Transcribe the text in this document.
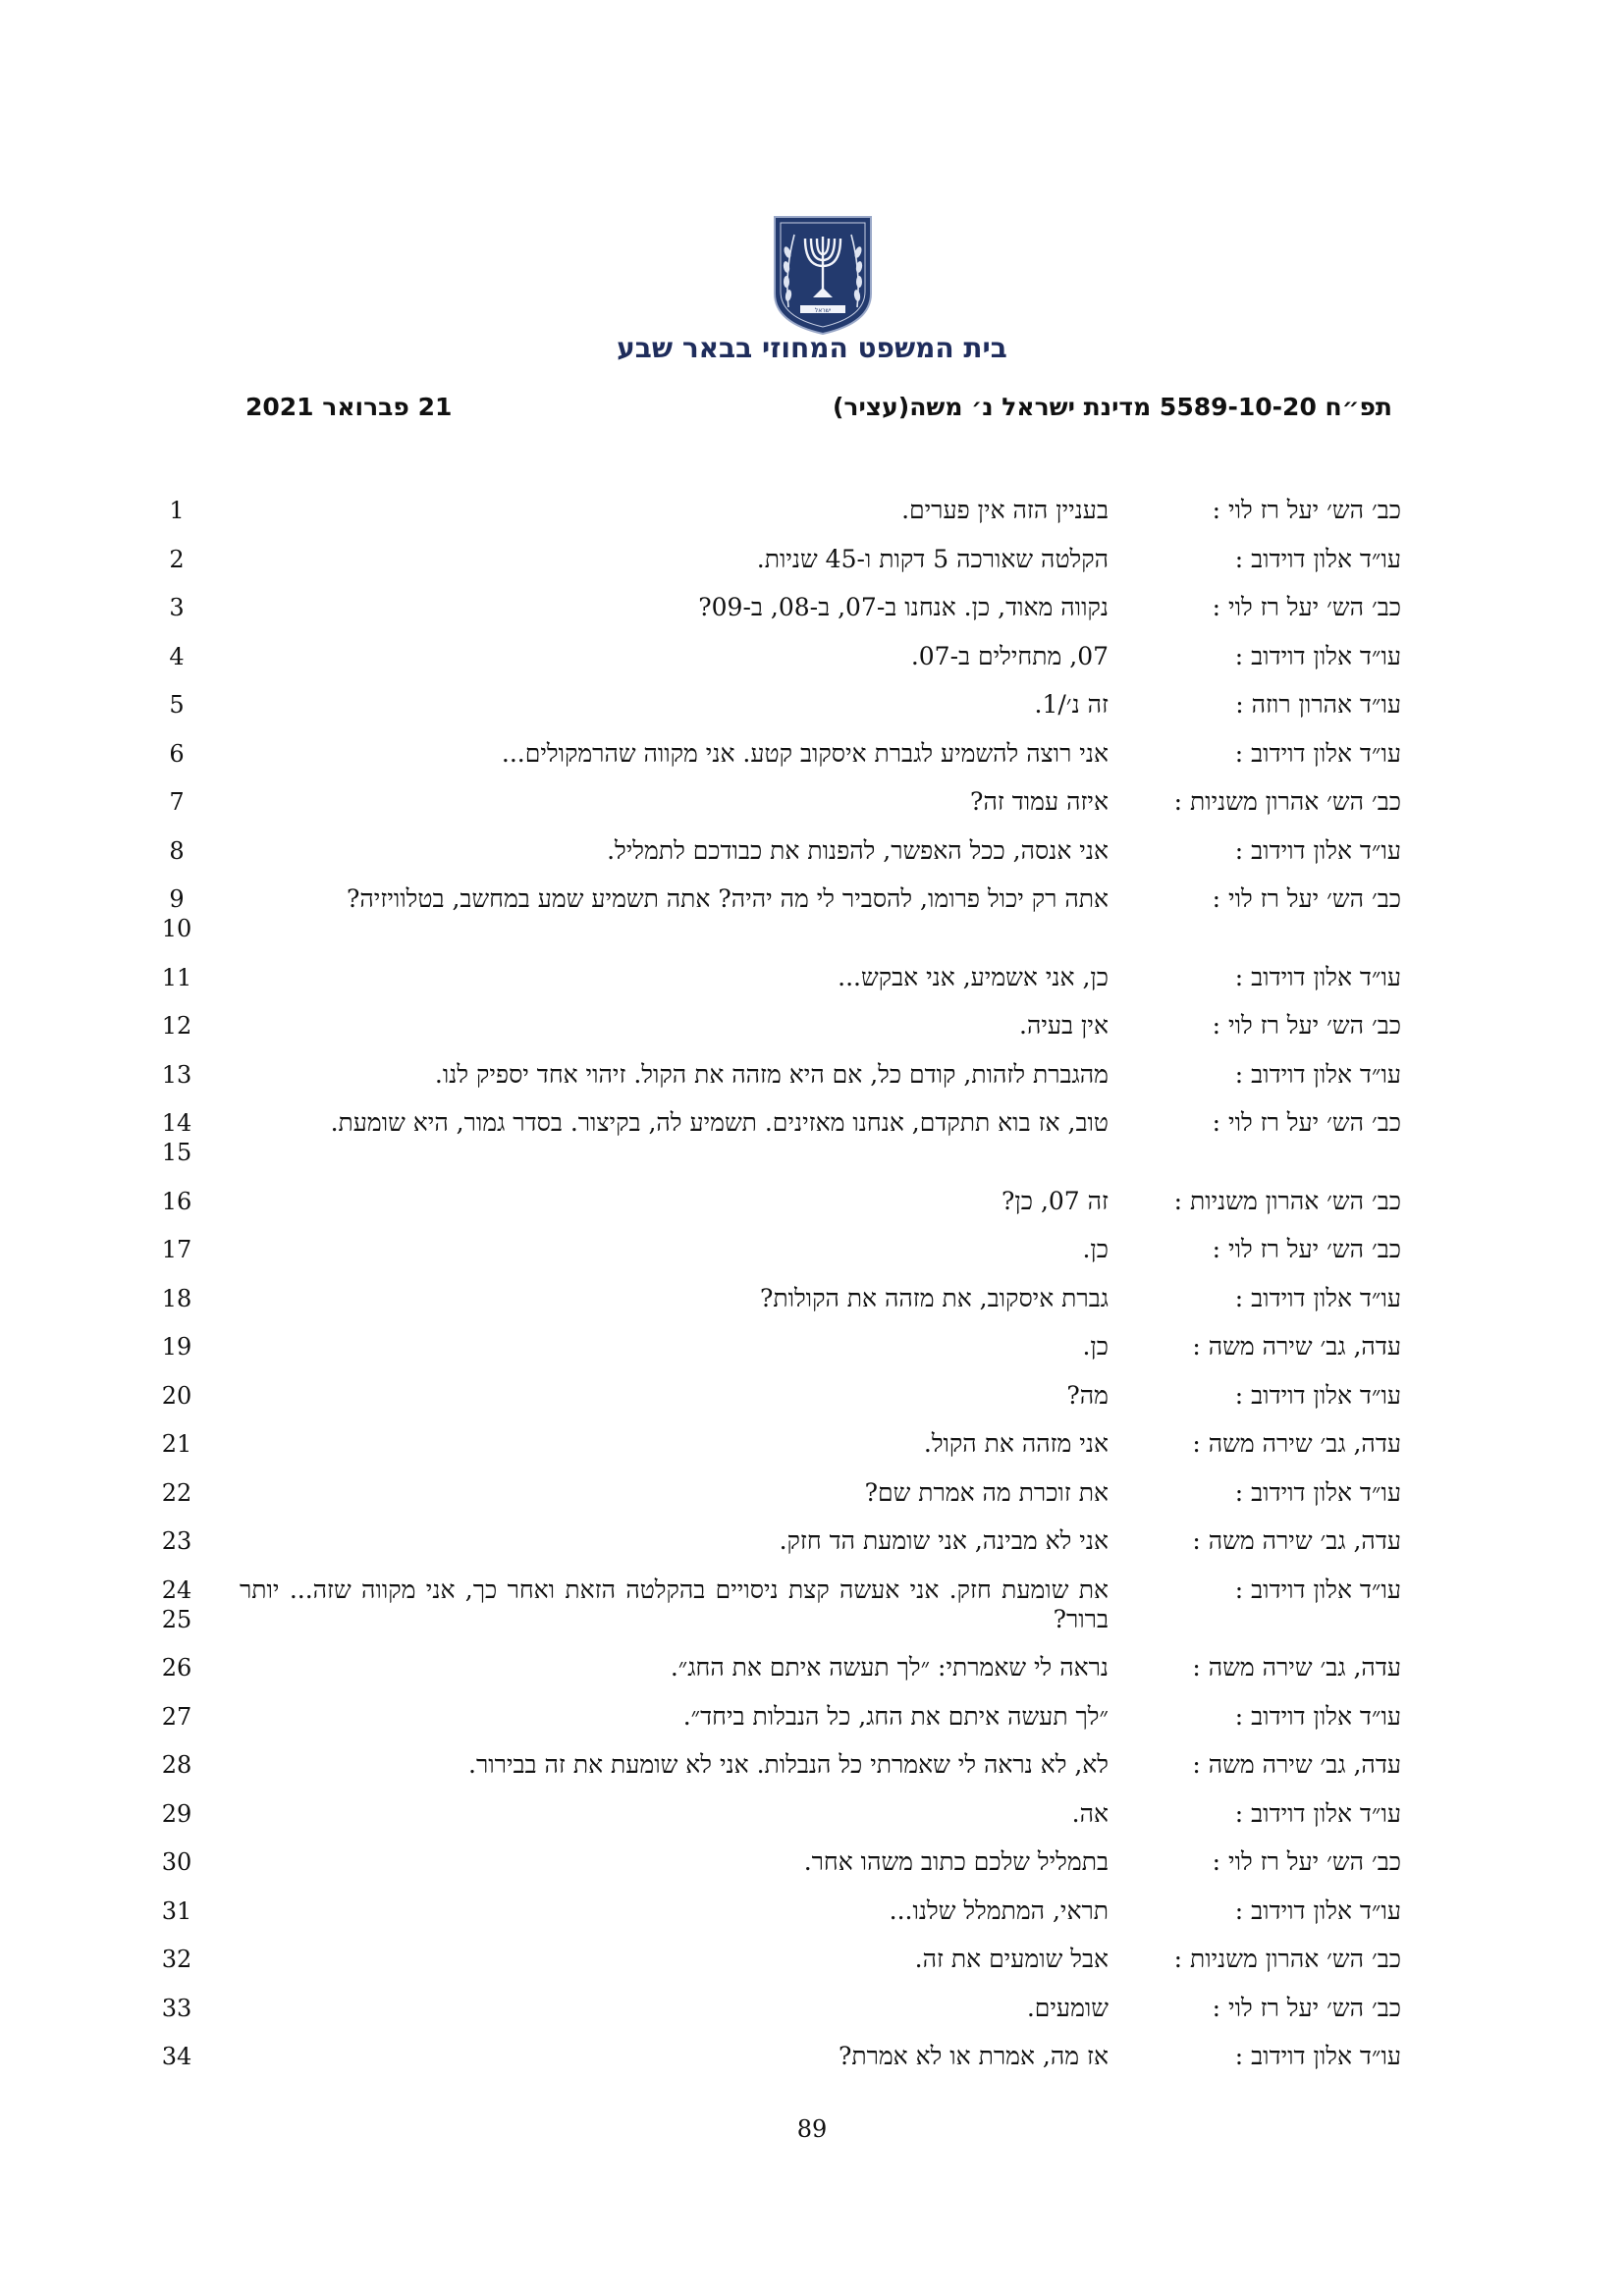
ישראל
בית המשפט המחוזי בבאר שבע
תפ״ח 5589-10-20 מדינת ישראל נ׳ משה(עציר)
21 פברואר 2021
1	כב׳ הש׳ יעל רז לוי :
בעניין הזה אין פערים.
2	עו״ד אלון דוידוב :
הקלטה שאורכה 5 דקות ו-45 שניות.
3	כב׳ הש׳ יעל רז לוי :
נקווה מאוד, כן. אנחנו ב-07, ב-08, ב-09?
4	עו״ד אלון דוידוב :
07, מתחילים ב-07.
5	עו״ד אהרון רוזה :
זה נ׳/1.
6	עו״ד אלון דוידוב :
אני רוצה להשמיע לגברת איסקוב קטע. אני מקווה שהרמקולים...
7	כב׳ הש׳ אהרון משניות :
איזה עמוד זה?
8	עו״ד אלון דוידוב :
אני אנסה, ככל האפשר, להפנות את כבודכם לתמליל.
9
10
כב׳ הש׳ יעל רז לוי :
אתה רק יכול פרומו, להסביר לי מה יהיה? אתה תשמיע שמע במחשב, בטלוויזיה?
11	עו״ד אלון דוידוב :
כן, אני אשמיע, אני אבקש...
12	כב׳ הש׳ יעל רז לוי :
אין בעיה.
13	עו״ד אלון דוידוב :
מהגברת לזהות, קודם כל, אם היא מזהה את הקול. זיהוי אחד יספיק לנו.
14
15
כב׳ הש׳ יעל רז לוי :
טוב, אז בוא תתקדם, אנחנו מאזינים. תשמיע לה, בקיצור. בסדר גמור, היא שומעת.
16	כב׳ הש׳ אהרון משניות :
זה 07, כן?
17	כב׳ הש׳ יעל רז לוי :
כן.
18	עו״ד אלון דוידוב :
גברת איסקוב, את מזהה את הקולות?
19	עדה, גב׳ שירה משה :
כן.
20	עו״ד אלון דוידוב :
מה?
21	עדה, גב׳ שירה משה :
אני מזהה את הקול.
22	עו״ד אלון דוידוב :
את זוכרת מה אמרת שם?
23	עדה, גב׳ שירה משה :
אני לא מבינה, אני שומעת הד חזק.
24
25
עו״ד אלון דוידוב :
את שומעת חזק. אני אעשה קצת ניסויים בהקלטה הזאת ואחר כך, אני מקווה שזה... יותר ברור?
26	עדה, גב׳ שירה משה :
נראה לי שאמרתי: ״לך תעשה איתם את החג״.
27	עו״ד אלון דוידוב :
״לך תעשה איתם את החג, כל הנבלות ביחד״.
28	עדה, גב׳ שירה משה :
לא, לא נראה לי שאמרתי כל הנבלות. אני לא שומעת את זה בבירור.
29	עו״ד אלון דוידוב :
אה.
30	כב׳ הש׳ יעל רז לוי :
בתמליל שלכם כתוב משהו אחר.
31	עו״ד אלון דוידוב :
תראי, המתמלל שלנו...
32	כב׳ הש׳ אהרון משניות :
אבל שומעים את זה.
33	כב׳ הש׳ יעל רז לוי :
שומעים.
34	עו״ד אלון דוידוב :
אז מה, אמרת או לא אמרת?
89
